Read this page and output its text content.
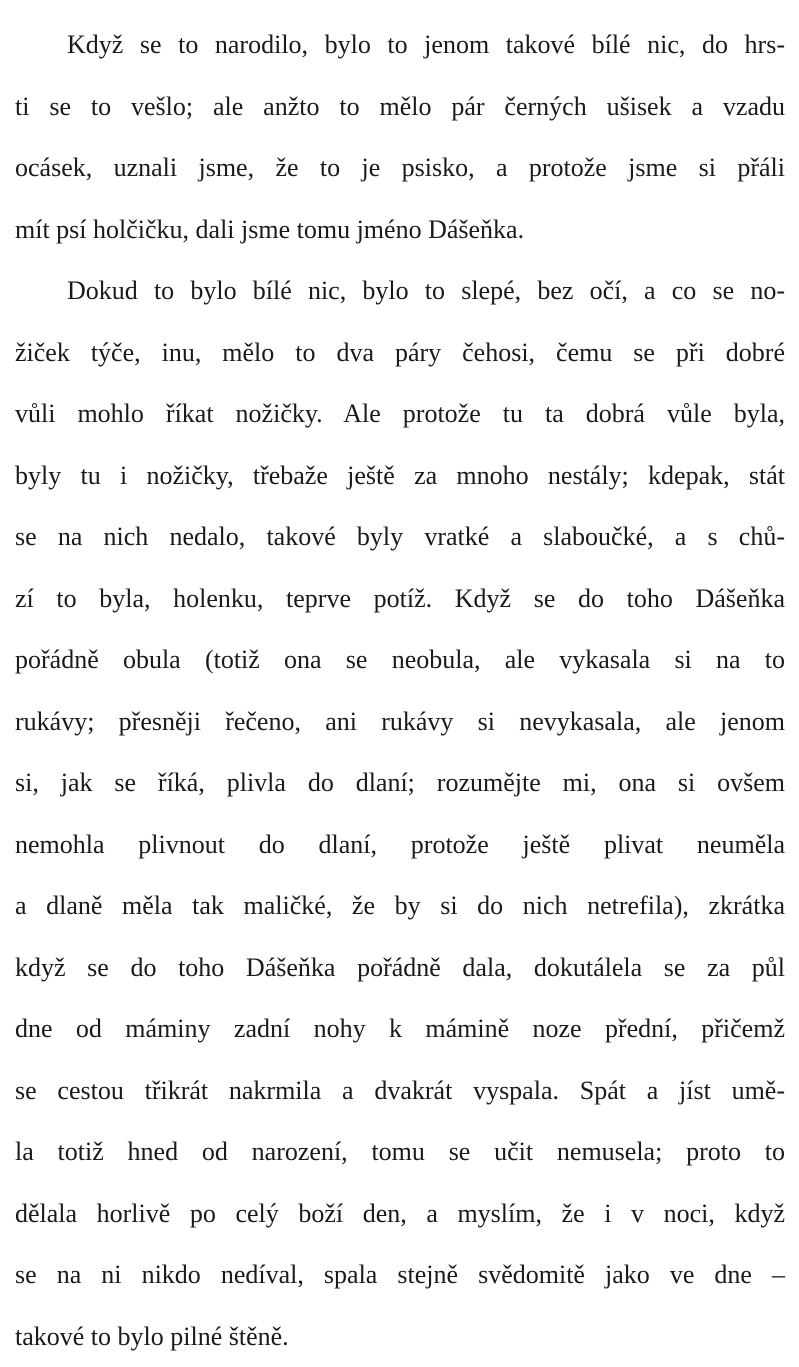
Když se to narodilo, bylo to jenom takové bílé nic, do hrs-
ti se to vešlo; ale anžto to mělo pár černých ušisek a vzadu
ocásek, uznali jsme, že to je psisko, a protože jsme si přáli
mít psí holčičku, dali jsme tomu jméno Dášeňka.
Dokud to bylo bílé nic, bylo to slepé, bez očí, a co se no-
žiček týče, inu, mělo to dva páry čehosi, čemu se při dobré
vůli mohlo říkat nožičky. Ale protože tu ta dobrá vůle byla,
byly tu i nožičky, třebaže ještě za mnoho nestály; kdepak, stát
se na nich nedalo, takové byly vratké a slaboučké, a s chů-
zí to byla, holenku, teprve potíž. Když se do toho Dášeňka
pořádně obula (totiž ona se neobula, ale vykasala si na to
rukávy; přesněji řečeno, ani rukávy si nevykasala, ale jenom
si, jak se říká, plivla do dlaní; rozumějte mi, ona si ovšem
nemohla plivnout do dlaní, protože ještě plivat neuměla
a dlaně měla tak maličké, že by si do nich netrefila), zkrátka
když se do toho Dášeňka pořádně dala, dokutálela se za půl
dne od máminy zadní nohy k mámině noze přední, přičemž
se cestou třikrát nakrmila a dvakrát vyspala. Spát a jíst umě-
la totiž hned od narození, tomu se učit nemusela; proto to
dělala horlivě po celý boží den, a myslím, že i v noci, když
se na ni nikdo nedíval, spala stejně svědomitě jako ve dne –
takové to bylo pilné štěně.
